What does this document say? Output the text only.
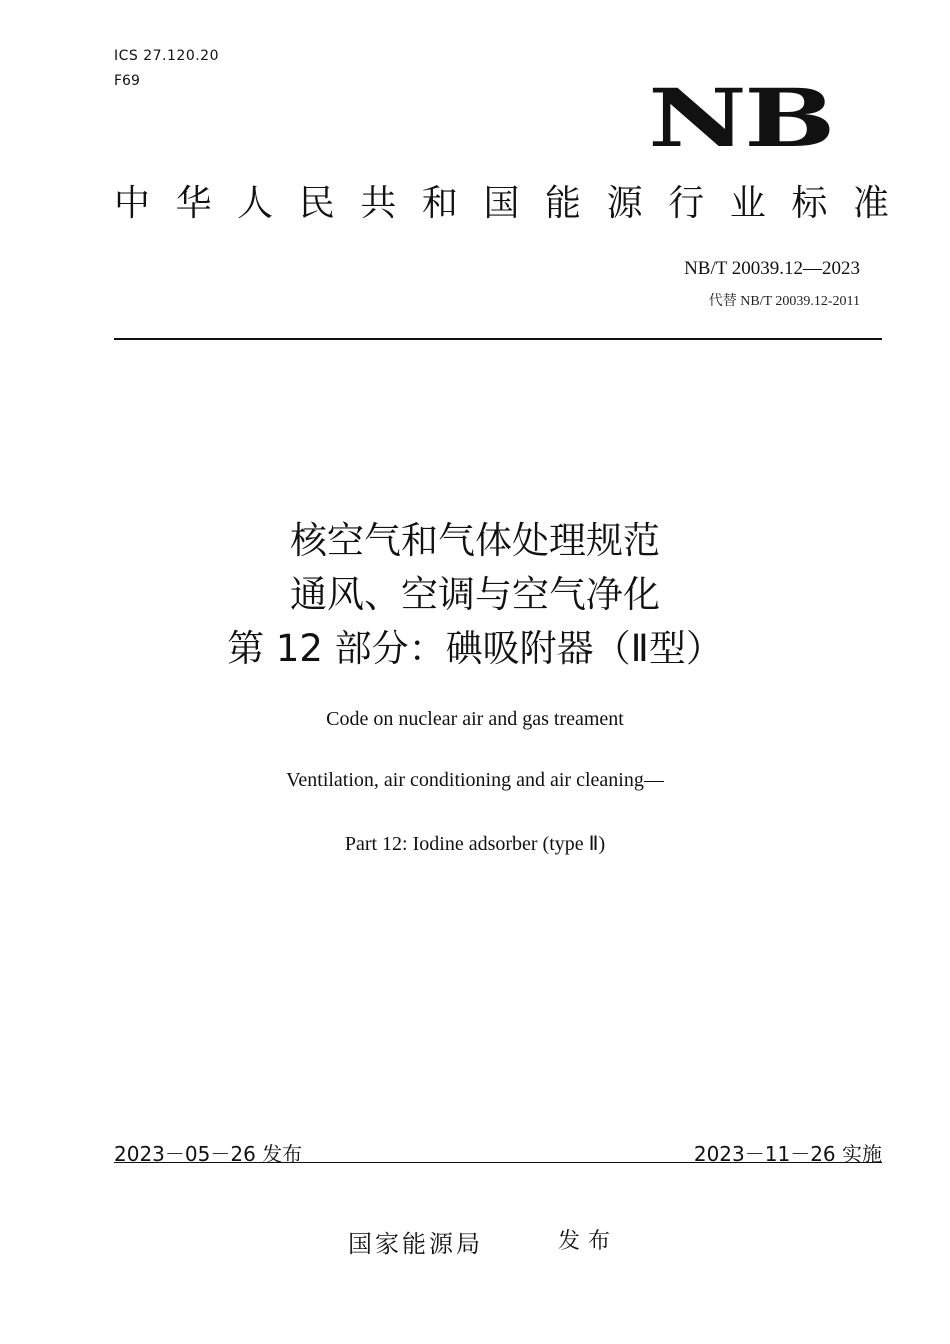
ICS 27.120.20
F69	NB
中 华 人 民 共 和 国 能 源 行 业 标 准
NB/T 20039.12—2023
代替 NB/T 20039.12-2011
核空气和气体处理规范
通风、空调与空气净化
第 12 部分：碘吸附器（Ⅱ型）
Code on nuclear air and gas treament
Ventilation, air conditioning and air cleaning—
Part 12: Iodine adsorber (type Ⅱ)
2023－05－26 发布	2023－11－26 实施
国家能源局	发布
